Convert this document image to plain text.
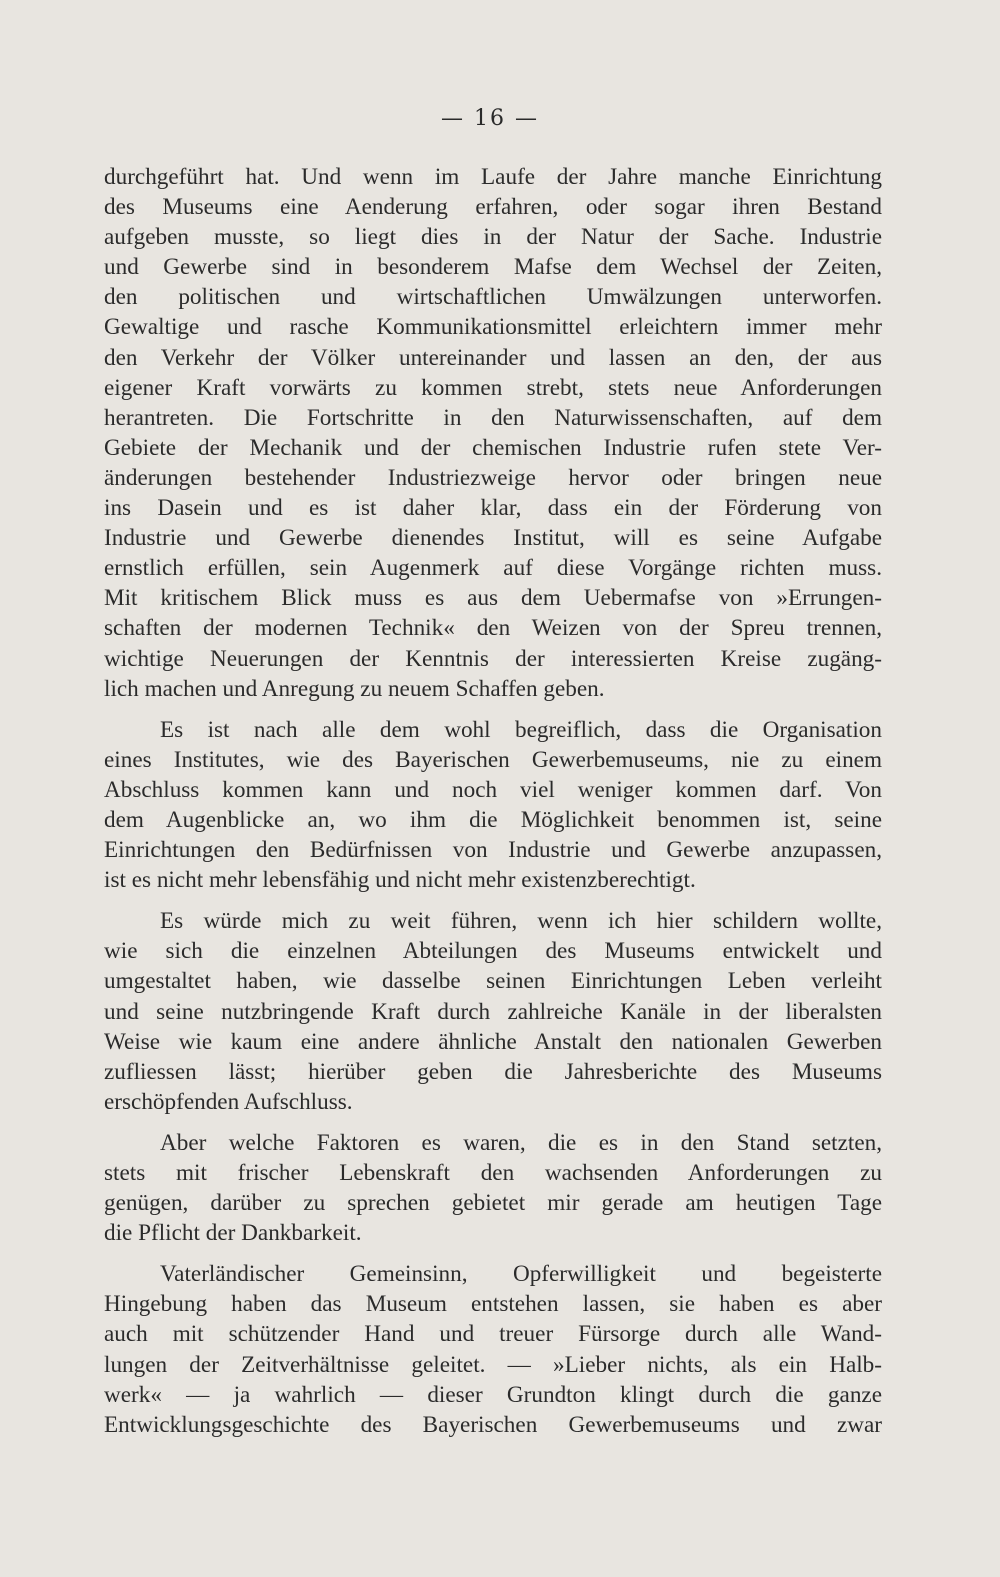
— 16 —

durchgeführt hat. Und wenn im Laufe der Jahre manche Einrichtung
des Museums eine Aenderung erfahren, oder sogar ihren Bestand
aufgeben musste, so liegt dies in der Natur der Sache. Industrie
und Gewerbe sind in besonderem Mafse dem Wechsel der Zeiten,
den politischen und wirtschaftlichen Umwälzungen unterworfen.
Gewaltige und rasche Kommunikationsmittel erleichtern immer mehr
den Verkehr der Völker untereinander und lassen an den, der aus
eigener Kraft vorwärts zu kommen strebt, stets neue Anforderungen
herantreten. Die Fortschritte in den Naturwissenschaften, auf dem
Gebiete der Mechanik und der chemischen Industrie rufen stete Ver-
änderungen bestehender Industriezweige hervor oder bringen neue
ins Dasein und es ist daher klar, dass ein der Förderung von
Industrie und Gewerbe dienendes Institut, will es seine Aufgabe
ernstlich erfüllen, sein Augenmerk auf diese Vorgänge richten muss.
Mit kritischem Blick muss es aus dem Uebermafse von »Errungen-
schaften der modernen Technik« den Weizen von der Spreu trennen,
wichtige Neuerungen der Kenntnis der interessierten Kreise zugäng-
lich machen und Anregung zu neuem Schaffen geben.

Es ist nach alle dem wohl begreiflich, dass die Organisation
eines Institutes, wie des Bayerischen Gewerbemuseums, nie zu einem
Abschluss kommen kann und noch viel weniger kommen darf. Von
dem Augenblicke an, wo ihm die Möglichkeit benommen ist, seine
Einrichtungen den Bedürfnissen von Industrie und Gewerbe anzupassen,
ist es nicht mehr lebensfähig und nicht mehr existenzberechtigt.

Es würde mich zu weit führen, wenn ich hier schildern wollte,
wie sich die einzelnen Abteilungen des Museums entwickelt und
umgestaltet haben, wie dasselbe seinen Einrichtungen Leben verleiht
und seine nutzbringende Kraft durch zahlreiche Kanäle in der liberalsten
Weise wie kaum eine andere ähnliche Anstalt den nationalen Gewerben
zufliessen lässt; hierüber geben die Jahresberichte des Museums
erschöpfenden Aufschluss.

Aber welche Faktoren es waren, die es in den Stand setzten,
stets mit frischer Lebenskraft den wachsenden Anforderungen zu
genügen, darüber zu sprechen gebietet mir gerade am heutigen Tage
die Pflicht der Dankbarkeit.

Vaterländischer Gemeinsinn, Opferwilligkeit und begeisterte
Hingebung haben das Museum entstehen lassen, sie haben es aber
auch mit schützender Hand und treuer Fürsorge durch alle Wand-
lungen der Zeitverhältnisse geleitet. — »Lieber nichts, als ein Halb-
werk« — ja wahrlich — dieser Grundton klingt durch die ganze
Entwicklungsgeschichte des Bayerischen Gewerbemuseums und zwar
